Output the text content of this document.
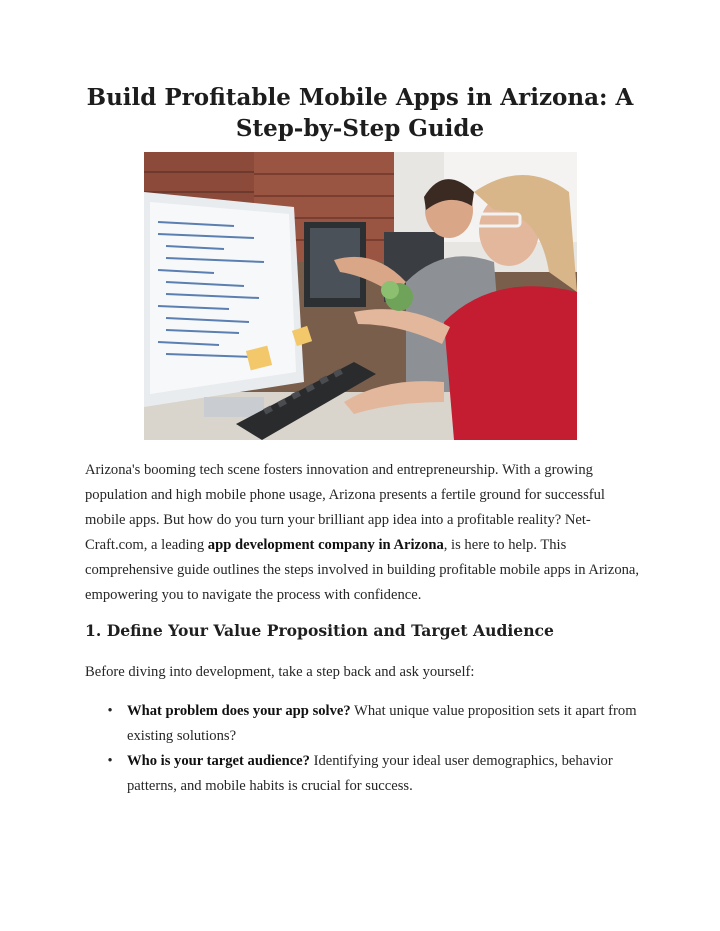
Build Profitable Mobile Apps in Arizona: A Step-by-Step Guide

Arizona's booming tech scene fosters innovation and entrepreneurship. With a growing population and high mobile phone usage, Arizona presents a fertile ground for successful mobile apps. But how do you turn your brilliant app idea into a profitable reality? Net-Craft.com, a leading app development company in Arizona, is here to help. This comprehensive guide outlines the steps involved in building profitable mobile apps in Arizona, empowering you to navigate the process with confidence.

1. Define Your Value Proposition and Target Audience

Before diving into development, take a step back and ask yourself:

• What problem does your app solve? What unique value proposition sets it apart from existing solutions?
• Who is your target audience? Identifying your ideal user demographics, behavior patterns, and mobile habits is crucial for success.
